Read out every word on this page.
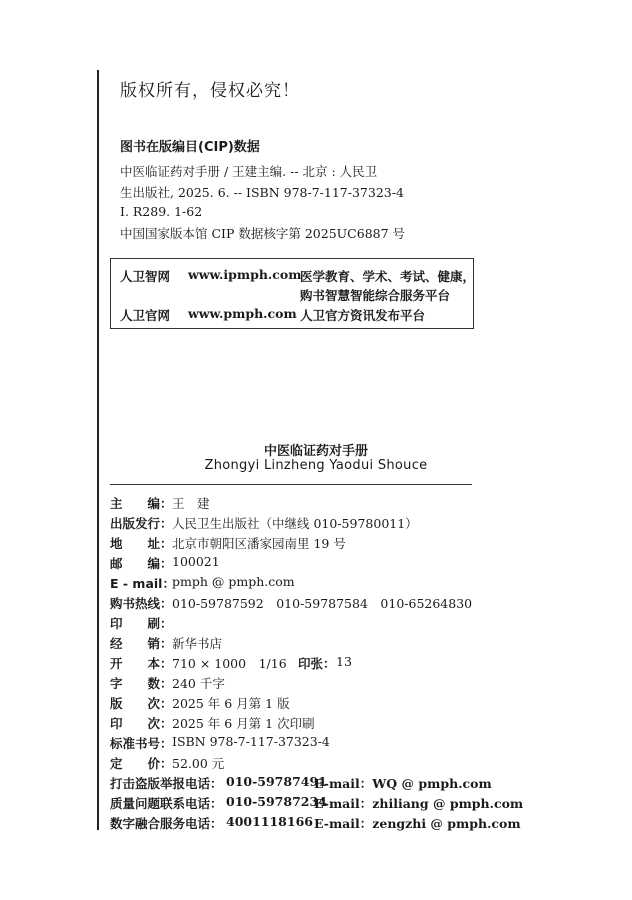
版权所有，侵权必究！
图书在版编目(CIP)数据
中医临证药对手册 / 王建主编. -- 北京 : 人民卫
生出版社, 2025. 6. -- ISBN 978-7-117-37323-4
Ⅰ. R289. 1-62
中国国家版本馆 CIP 数据核字第 2025UC6887 号
人卫智网 www.ipmph.com
医学教育、学术、考试、健康，
购书智慧智能综合服务平台
人卫官网 www.pmph.com 人卫官方资讯发布平台
中医临证药对手册
Zhongyi Linzheng Yaodui Shouce
主　　编： 王　建
出版发行： 人民卫生出版社（中继线 010-59780011）
地　　址： 北京市朝阳区潘家园南里 19 号
邮　　编： 100021
E - mail：
pmph @ pmph.com
购书热线： 010-59787592　010-59787584　010-65264830
印　　刷：
经　　销： 新华书店
开　　本： 710 × 1000　1/16 印张： 13
字　　数： 240 千字
版　　次： 2025 年 6 月第 1 版
印　　次： 2025 年 6 月第 1 次印刷
标准书号： ISBN 978-7-117-37323-4
定　　价： 52.00 元
打击盗版举报电话： 010-59787491
E-mail：WQ @ pmph.com
质量问题联系电话： 010-59787234
E-mail：zhiliang @ pmph.com
数字融合服务电话： 4001118166 E-mail：zengzhi @ pmph.com
